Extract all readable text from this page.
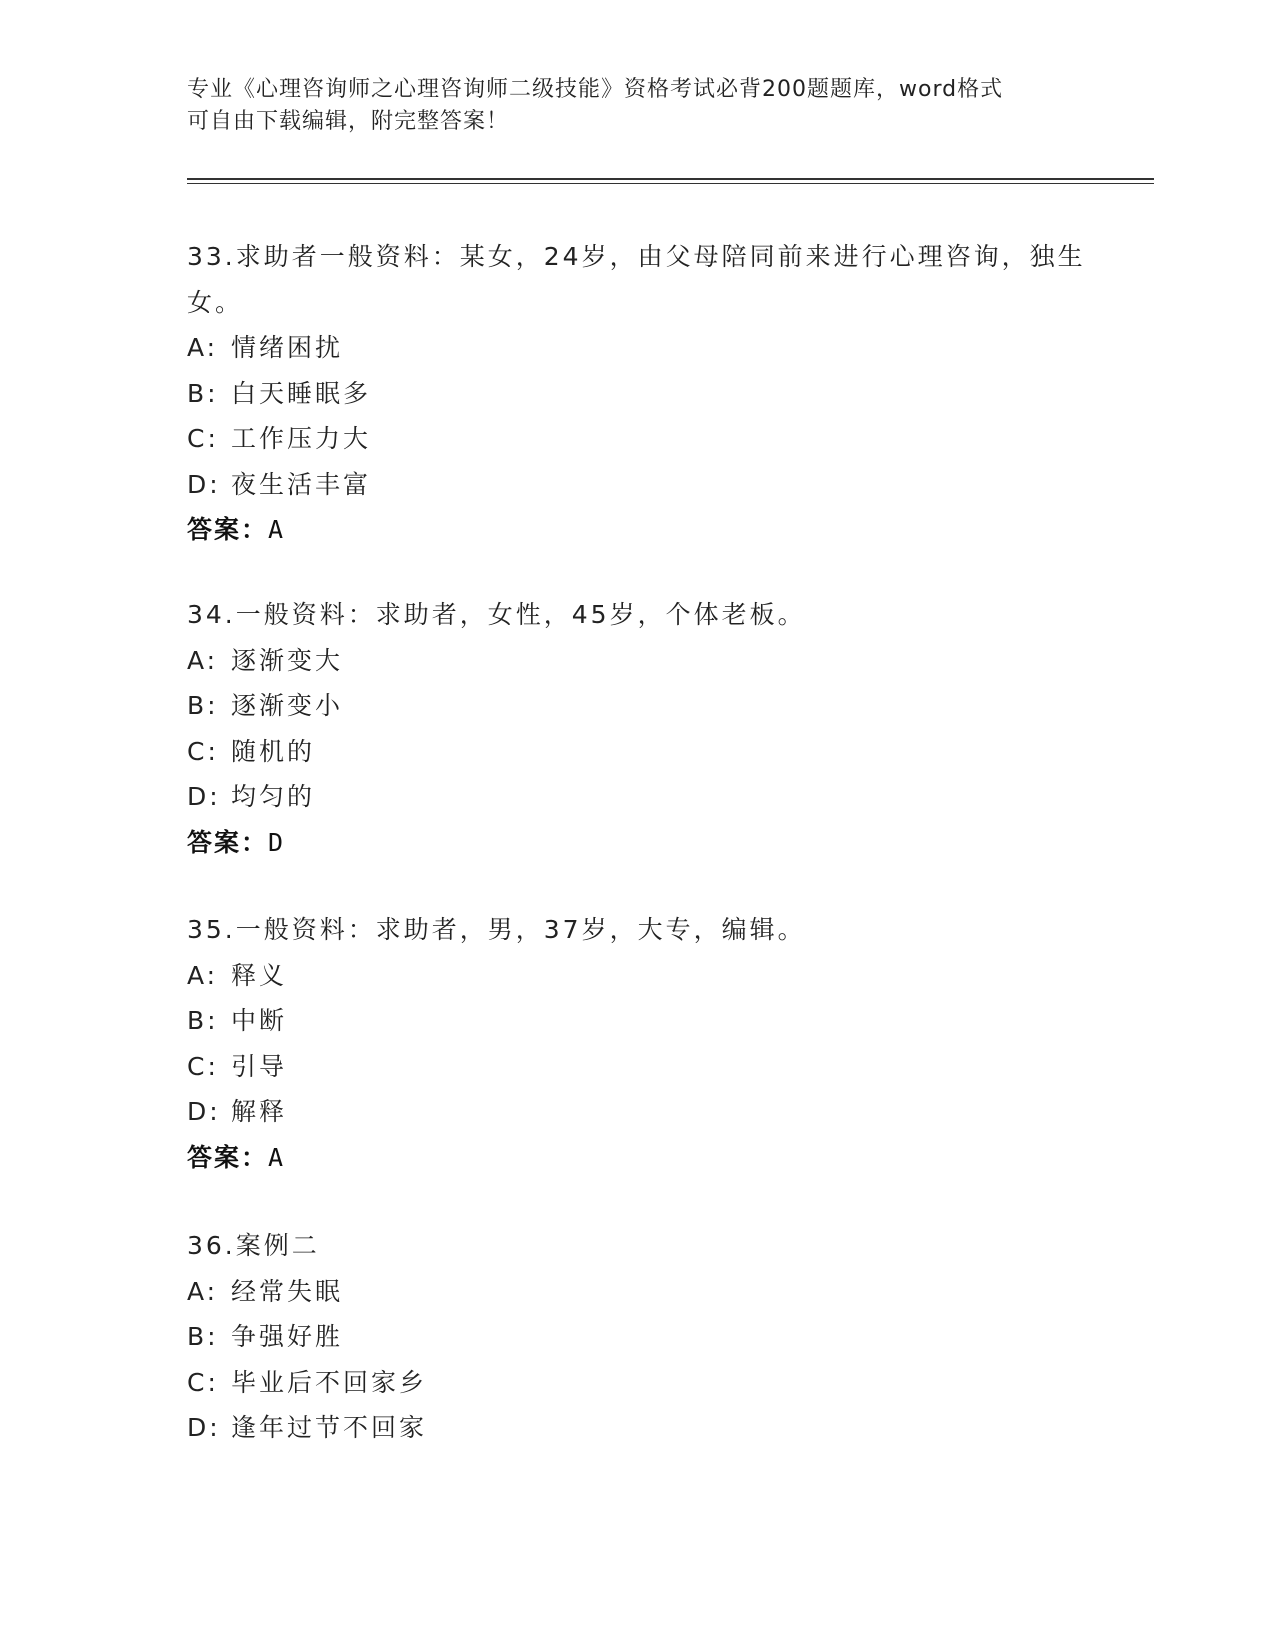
专业《心理咨询师之心理咨询师二级技能》资格考试必背200题题库，word格式
可自由下载编辑，附完整答案！
33.求助者一般资料：某女，24岁，由父母陪同前来进行心理咨询，独生女。
A: 情绪困扰
B: 白天睡眠多
C: 工作压力大
D: 夜生活丰富
答案：A
34.一般资料：求助者，女性，45岁，个体老板。
A: 逐渐变大
B: 逐渐变小
C: 随机的
D: 均匀的
答案：D
35.一般资料：求助者，男，37岁，大专，编辑。
A: 释义
B: 中断
C: 引导
D: 解释
答案：A
36.案例二
A: 经常失眠
B: 争强好胜
C: 毕业后不回家乡
D: 逢年过节不回家
